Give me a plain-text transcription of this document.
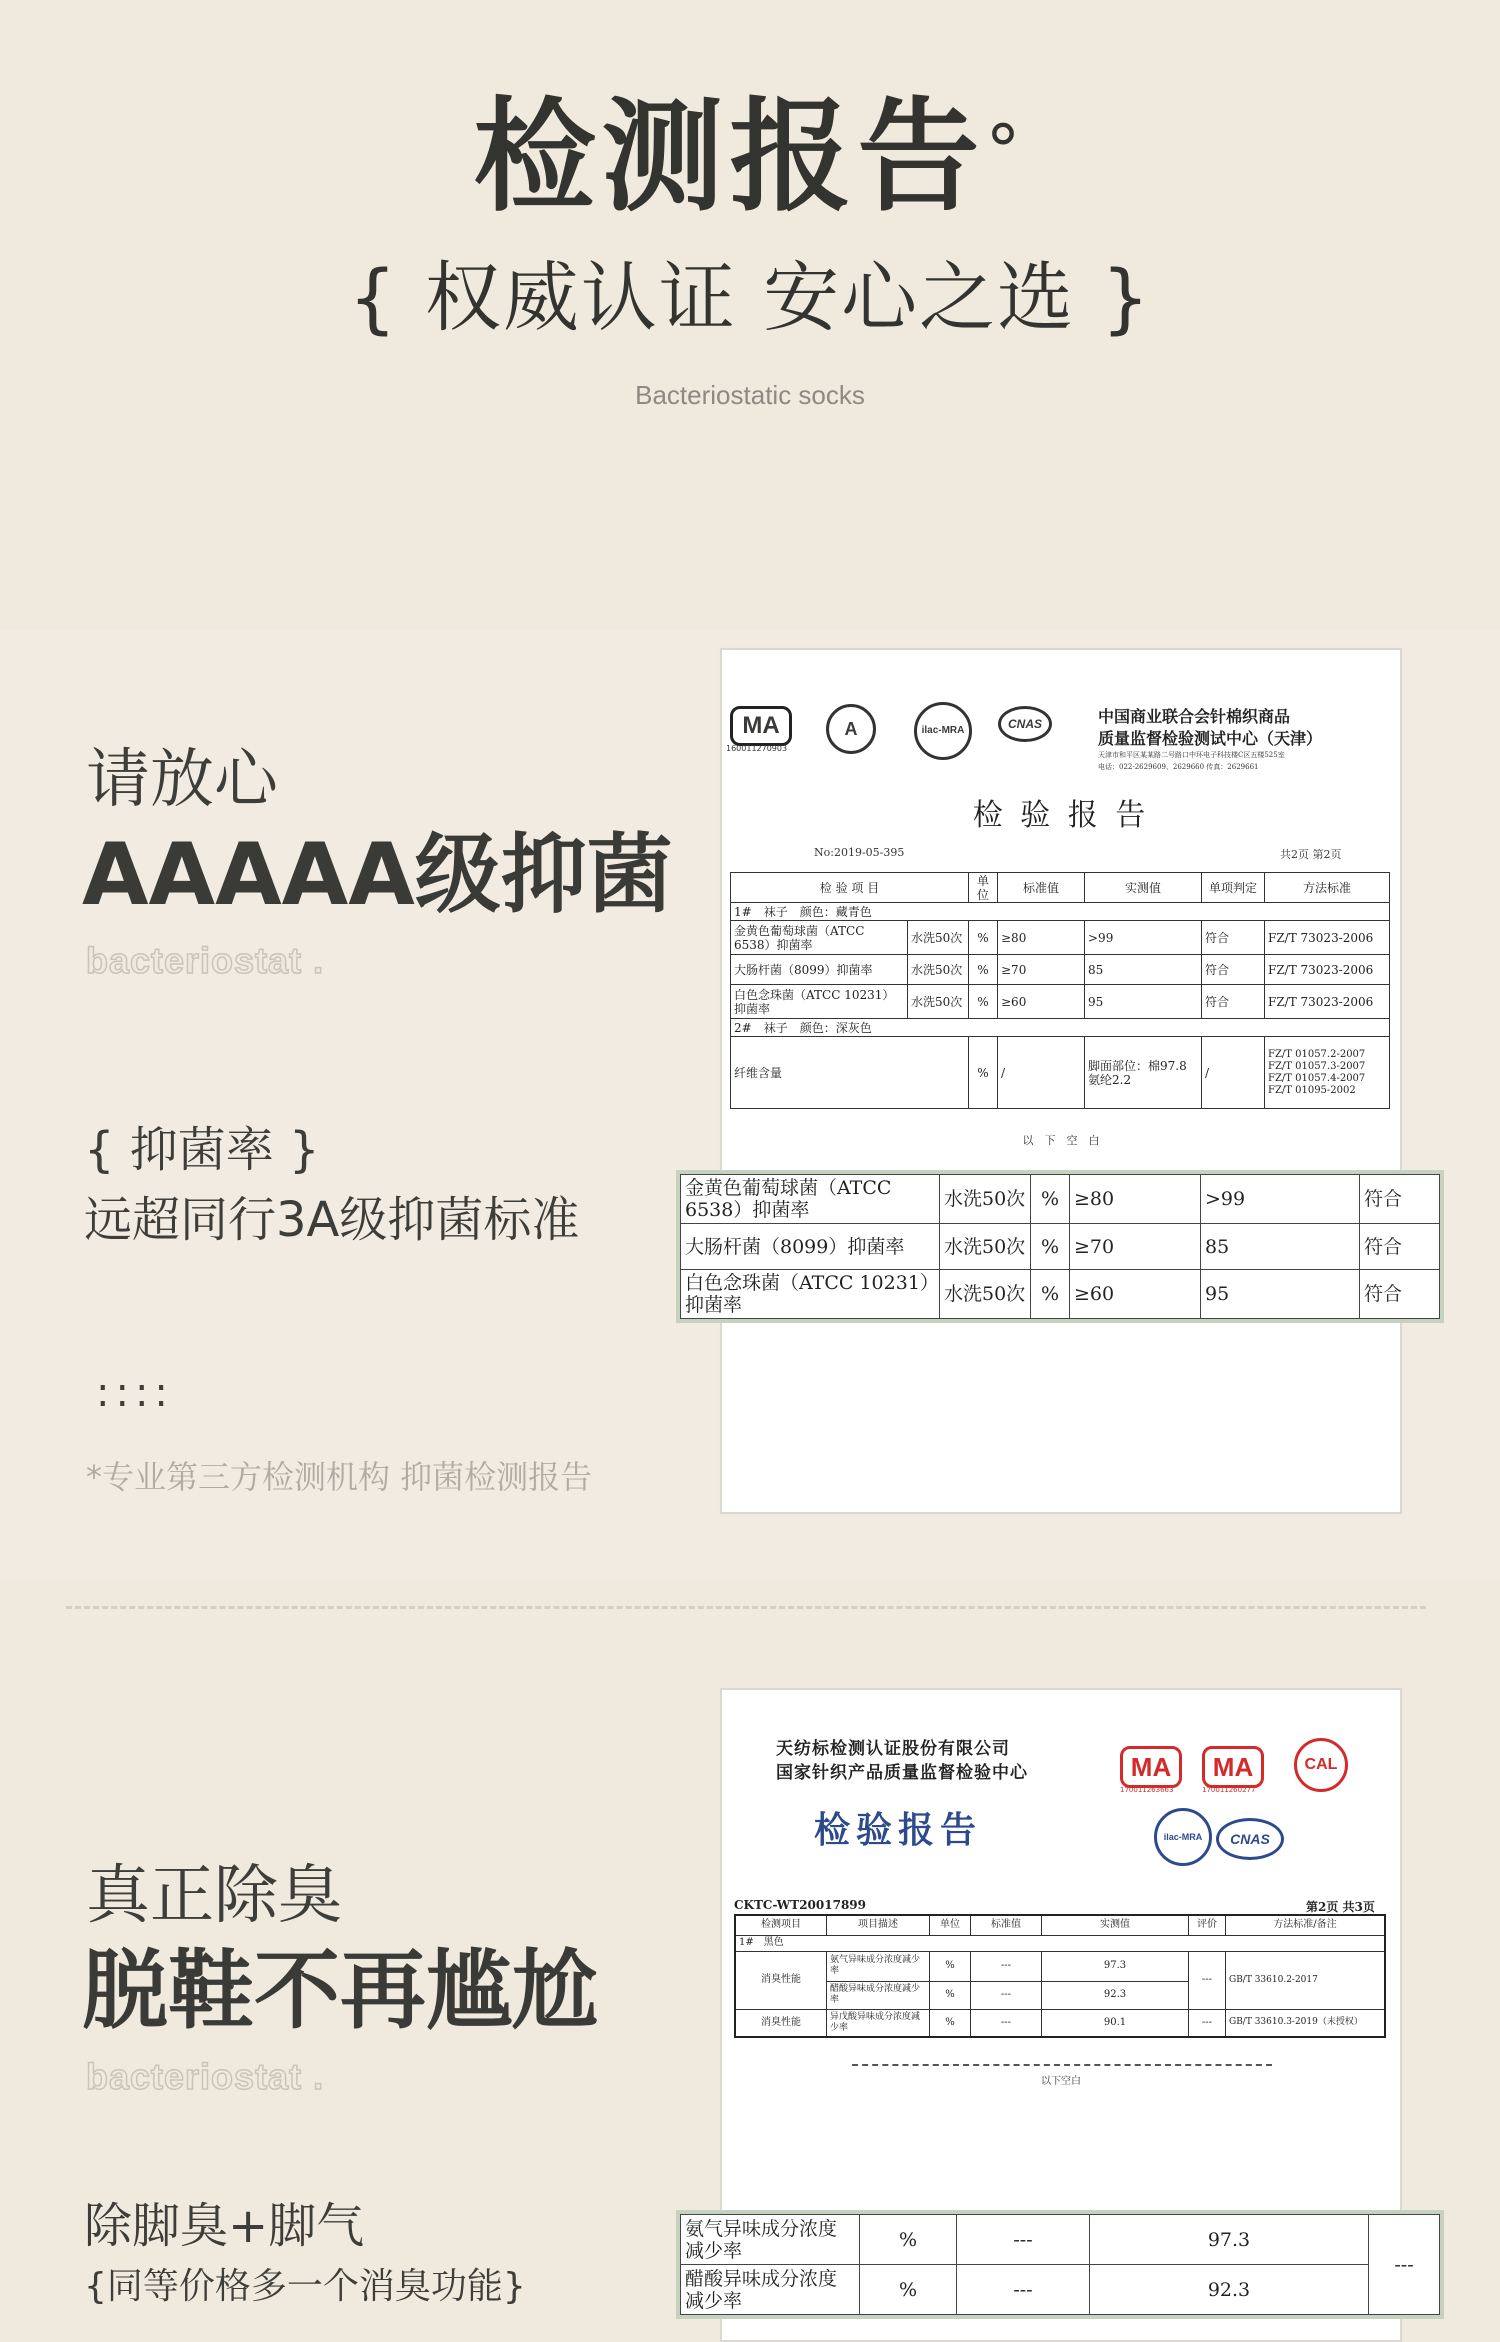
检测报告°
{ 权威认证 安心之选 }
Bacteriostatic socks
请放心
AAAAA级抑菌
bacteriostat .
{ 抑菌率 }
远超同行3A级抑菌标准
::::
*专业第三方检测机构 抑菌检测报告
MA
160011270903
A	ilac-MRA	CNAS	中国商业联合会针棉织商品
质量监督检验测试中心（天津）
天津市和平区某某路二号路口中环电子科技楼C区五楼525室
电话：022-2629609、2629660 传真：2629661
检 验 报 告
No:2019-05-395	共2页 第2页
检 验 项 目		单位	标准值	实测值	单项判定	方法标准
1#　袜子　颜色：藏青色						
金黄色葡萄球菌（ATCC 6538）抑菌率	水洗50次	%	≥80	>99	符合	FZ/T 73023-2006
大肠杆菌（8099）抑菌率	水洗50次	%	≥70	85	符合	FZ/T 73023-2006
白色念珠菌（ATCC 10231）抑菌率	水洗50次	%	≥60	95	符合	FZ/T 73023-2006
2#　袜子　颜色：深灰色						
纤维含量		%	/	脚面部位：棉97.8 氨纶2.2	/	FZ/T 01057.2-2007 FZ/T 01057.3-2007 FZ/T 01057.4-2007 FZ/T 01095-2002
以　下　空　白
金黄色葡萄球菌（ATCC 6538）抑菌率	水洗50次	%	≥80	>99	符合
大肠杆菌（8099）抑菌率	水洗50次	%	≥70	85	符合
白色念珠菌（ATCC 10231）抑菌率	水洗50次	%	≥60	95	符合
真正除臭
脱鞋不再尴尬
bacteriostat .
除脚臭+脚气
{同等价格多一个消臭功能}
天纺标检测认证股份有限公司
国家针织产品质量监督检验中心
检验报告
MA
170011263663
MA
170011260277
CAL
ilac-MRA	CNAS
CKTC-WT20017899	第2页 共3页
检测项目	项目描述	单位	标准值	实测值	评价	方法标准/备注
1#　黑色						
消臭性能	氨气异味成分浓度减少率	%	---	97.3	---	GB/T 33610.2-2017
	醋酸异味成分浓度减少率	%	---	92.3		
消臭性能	异戊酸异味成分浓度减少率	%	---	90.1	---	GB/T 33610.3-2019（未授权）
以下空白
氨气异味成分浓度减少率	%	---	97.3	---
醋酸异味成分浓度减少率	%	---	92.3	
